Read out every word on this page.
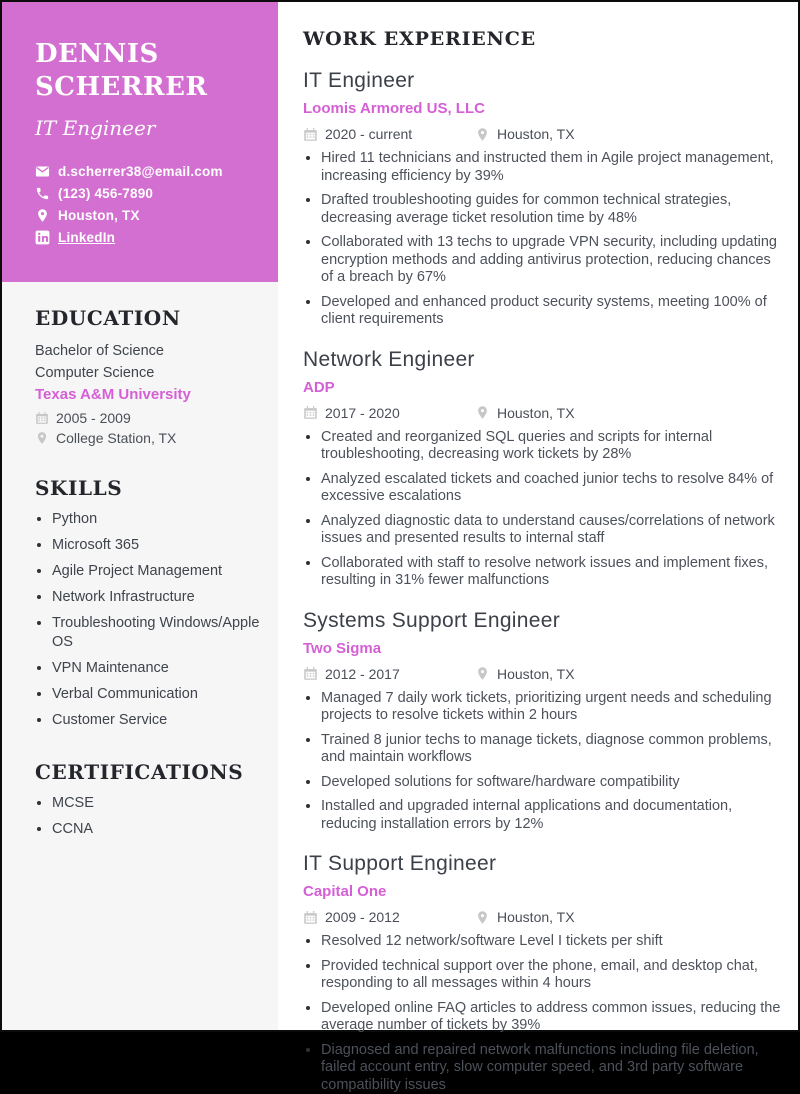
DENNIS
SCHERRER
IT Engineer
d.scherrer38@email.com
(123) 456-7890
Houston, TX
LinkedIn
EDUCATION
Bachelor of Science
Computer Science
Texas A&M University
2005 - 2009
College Station, TX
SKILLS
• Python
• Microsoft 365
• Agile Project Management
• Network Infrastructure
• Troubleshooting Windows/Apple OS
• VPN Maintenance
• Verbal Communication
• Customer Service
CERTIFICATIONS
• MCSE
• CCNA
WORK EXPERIENCE
IT Engineer
Loomis Armored US, LLC
2020 - current	Houston, TX
• Hired 11 technicians and instructed them in Agile project management, increasing efficiency by 39%
• Drafted troubleshooting guides for common technical strategies, decreasing average ticket resolution time by 48%
• Collaborated with 13 techs to upgrade VPN security, including updating encryption methods and adding antivirus protection, reducing chances of a breach by 67%
• Developed and enhanced product security systems, meeting 100% of client requirements
Network Engineer
ADP
2017 - 2020	Houston, TX
• Created and reorganized SQL queries and scripts for internal troubleshooting, decreasing work tickets by 28%
• Analyzed escalated tickets and coached junior techs to resolve 84% of excessive escalations
• Analyzed diagnostic data to understand causes/correlations of network issues and presented results to internal staff
• Collaborated with staff to resolve network issues and implement fixes, resulting in 31% fewer malfunctions
Systems Support Engineer
Two Sigma
2012 - 2017	Houston, TX
• Managed 7 daily work tickets, prioritizing urgent needs and scheduling projects to resolve tickets within 2 hours
• Trained 8 junior techs to manage tickets, diagnose common problems, and maintain workflows
• Developed solutions for software/hardware compatibility
• Installed and upgraded internal applications and documentation, reducing installation errors by 12%
IT Support Engineer
Capital One
2009 - 2012	Houston, TX
• Resolved 12 network/software Level I tickets per shift
• Provided technical support over the phone, email, and desktop chat, responding to all messages within 4 hours
• Developed online FAQ articles to address common issues, reducing the average number of tickets by 39%
• Diagnosed and repaired network malfunctions including file deletion, failed account entry, slow computer speed, and 3rd party software compatibility issues
